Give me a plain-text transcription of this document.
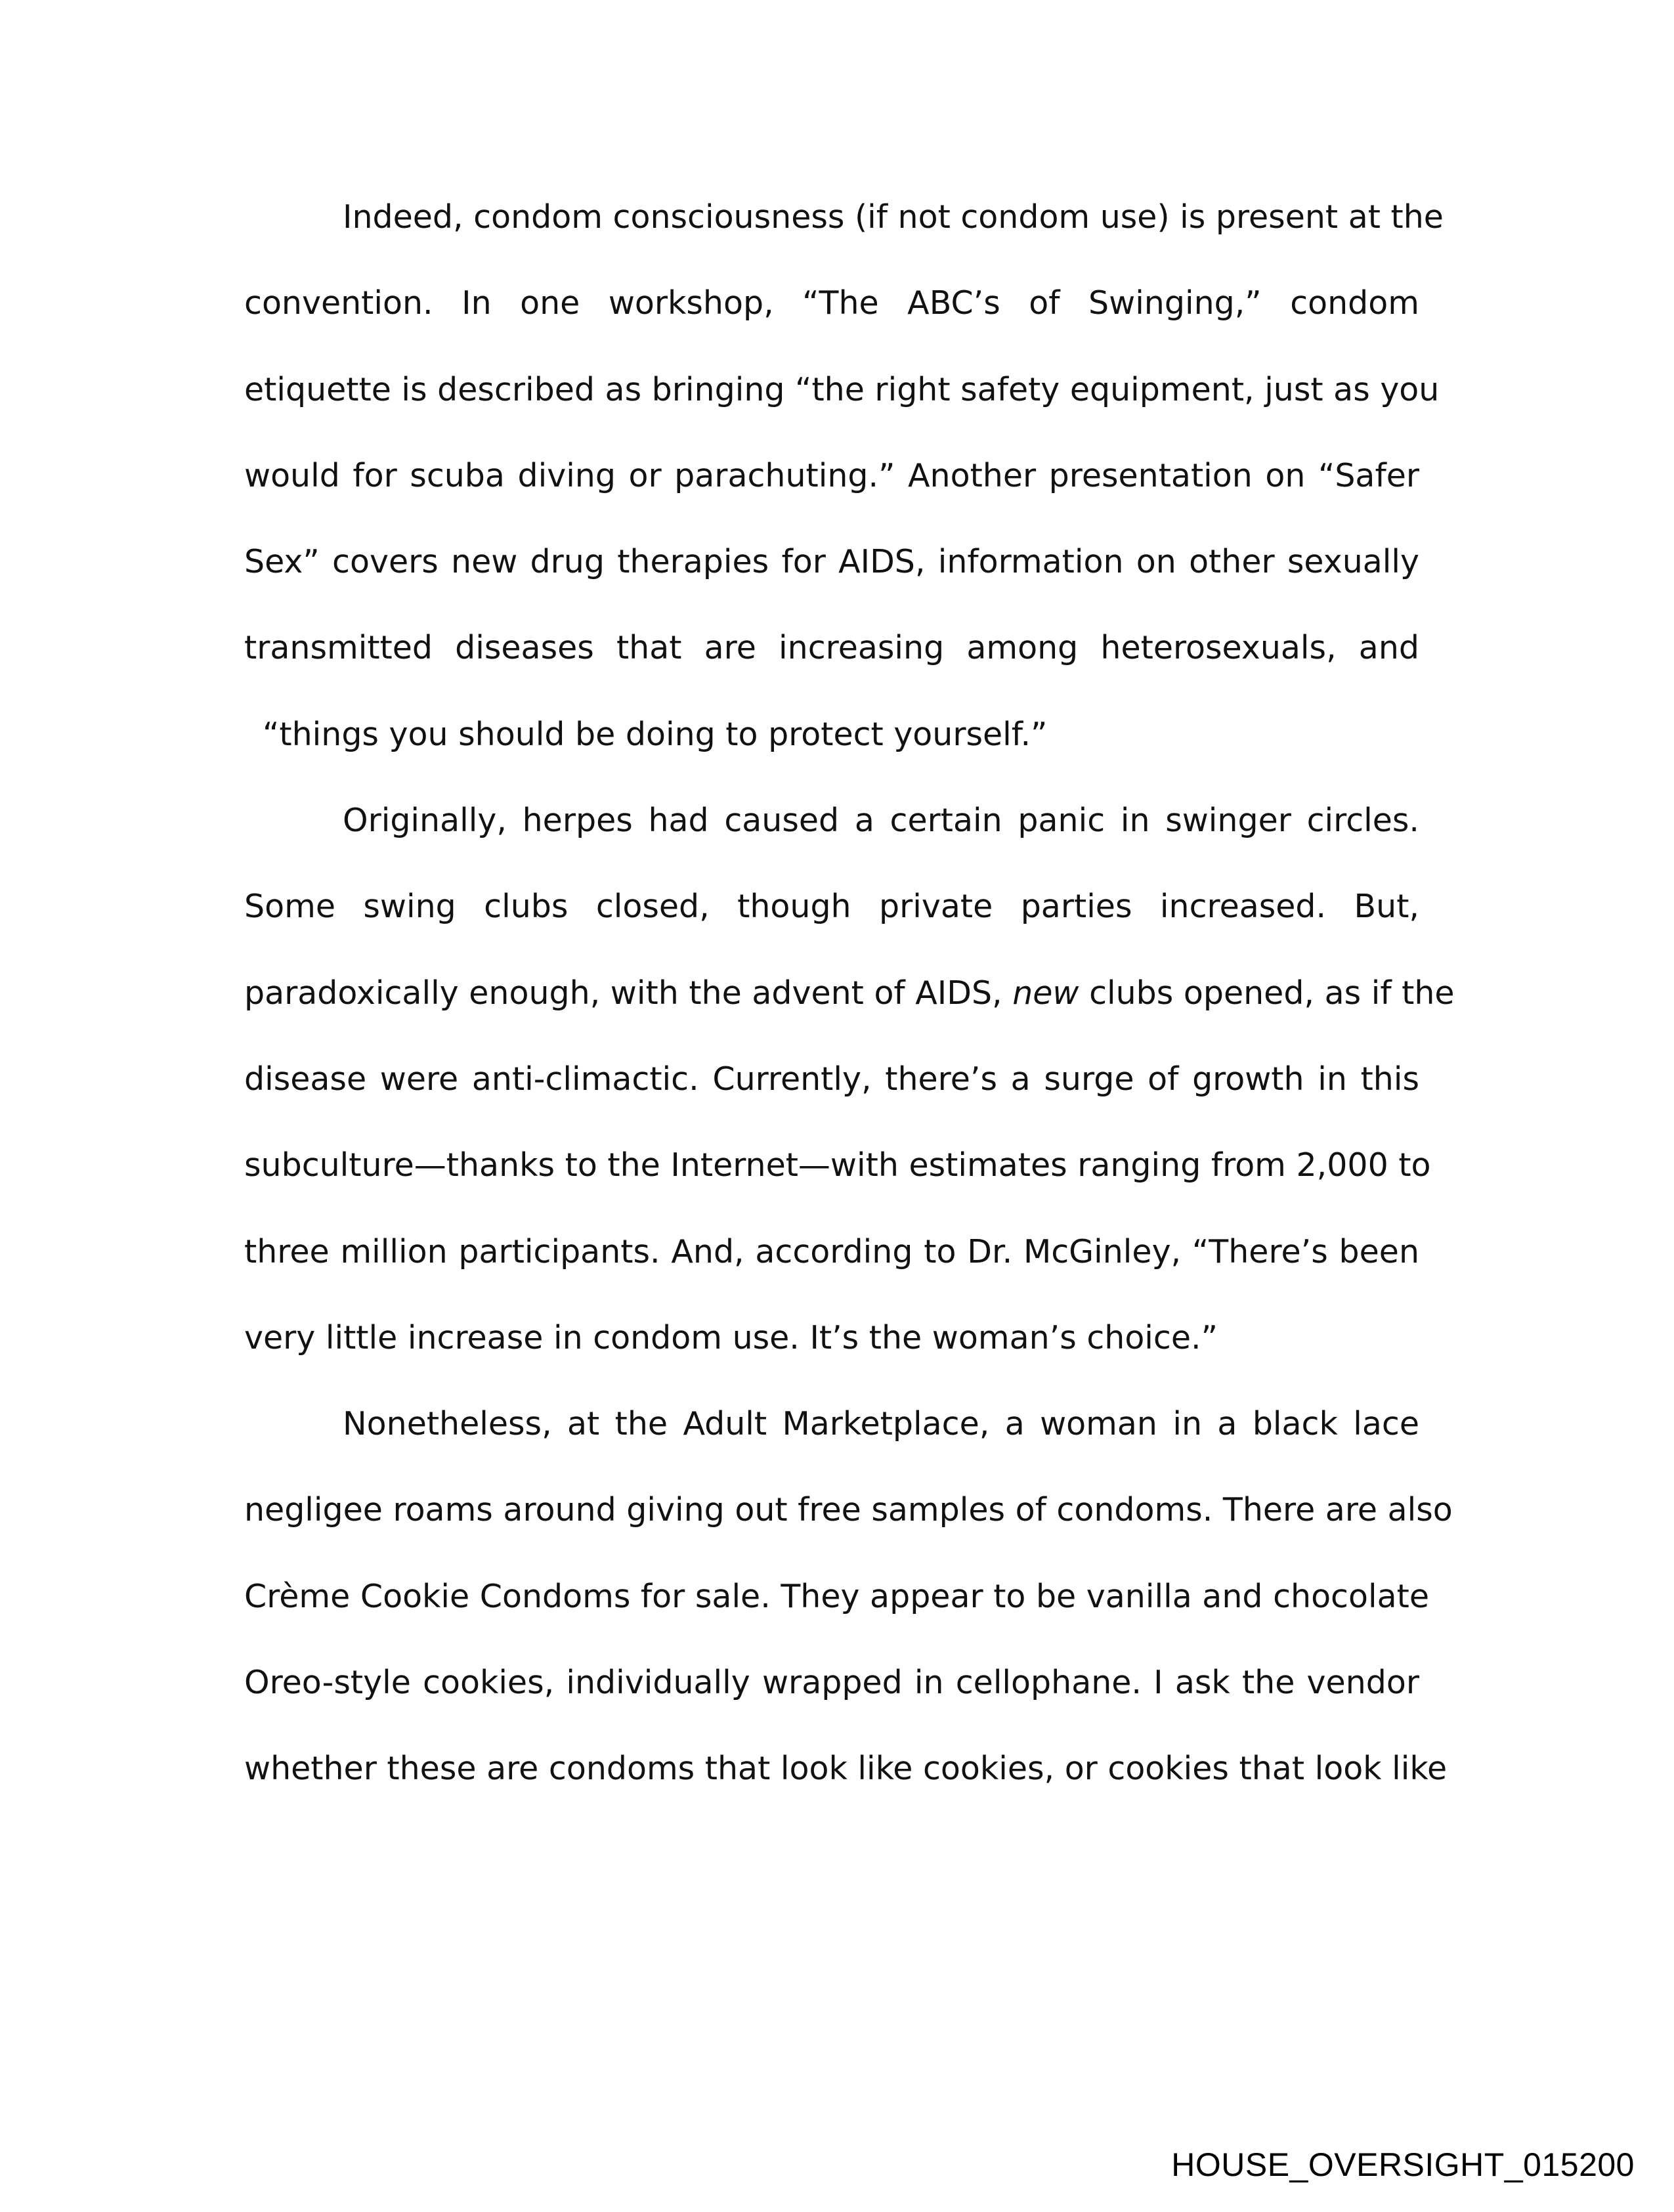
Indeed, condom consciousness (if not condom use) is present at the
convention. In one workshop, “The ABC’s of Swinging,” condom
etiquette is described as bringing “the right safety equipment, just as you
would for scuba diving or parachuting.” Another presentation on “Safer
Sex” covers new drug therapies for AIDS, information on other sexually
transmitted diseases that are increasing among heterosexuals, and
“things you should be doing to protect yourself.”
Originally, herpes had caused a certain panic in swinger circles.
Some swing clubs closed, though private parties increased. But,
paradoxically enough, with the advent of AIDS, new clubs opened, as if the
disease were anti-climactic. Currently, there’s a surge of growth in this
subculture—thanks to the Internet—with estimates ranging from 2,000 to
three million participants. And, according to Dr. McGinley, “There’s been
very little increase in condom use. It’s the woman’s choice.”
Nonetheless, at the Adult Marketplace, a woman in a black lace
negligee roams around giving out free samples of condoms. There are also
Crème Cookie Condoms for sale. They appear to be vanilla and chocolate
Oreo-style cookies, individually wrapped in cellophane. I ask the vendor
whether these are condoms that look like cookies, or cookies that look like
HOUSE_OVERSIGHT_015200
